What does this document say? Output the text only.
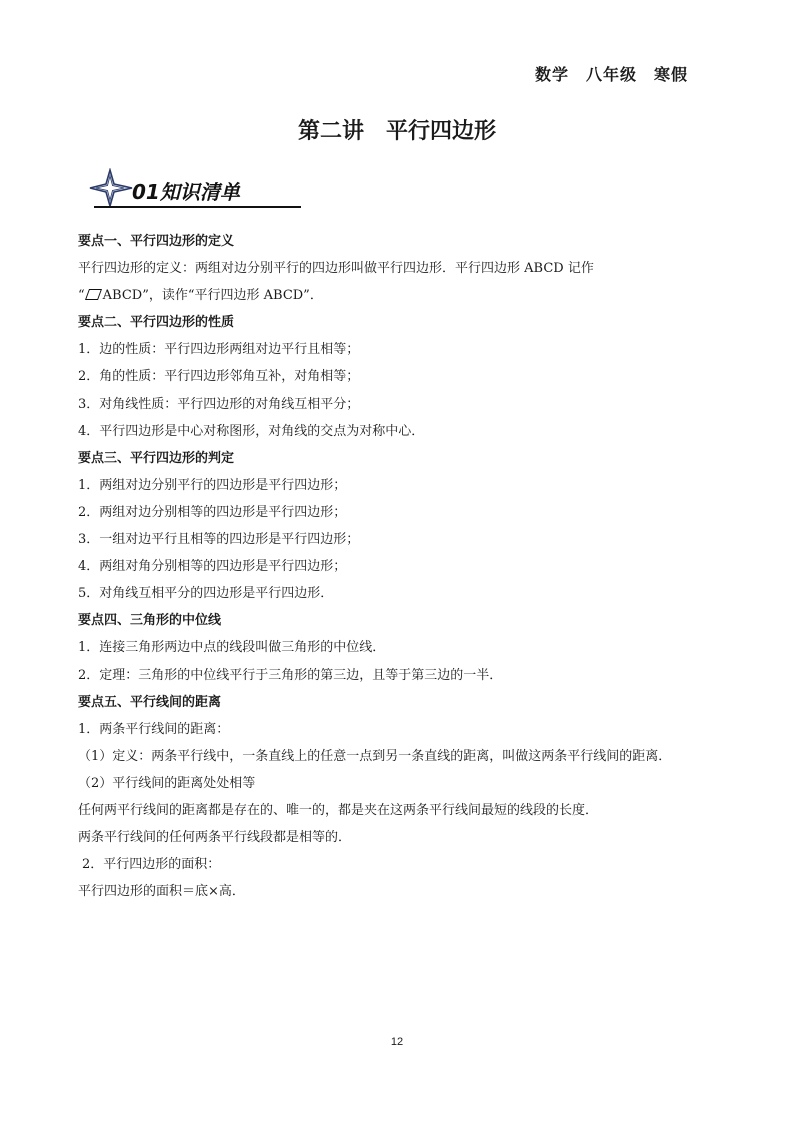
数学　八年级　寒假
第二讲　平行四边形
01知识清单
要点一、平行四边形的定义
平行四边形的定义：两组对边分别平行的四边形叫做平行四边形．平行四边形 ABCD 记作
“ ABCD”，读作“平行四边形 ABCD”．
要点二、平行四边形的性质
1．边的性质：平行四边形两组对边平行且相等；
2．角的性质：平行四边形邻角互补，对角相等；
3．对角线性质：平行四边形的对角线互相平分；
4．平行四边形是中心对称图形，对角线的交点为对称中心．
要点三、平行四边形的判定
1．两组对边分别平行的四边形是平行四边形；
2．两组对边分别相等的四边形是平行四边形；
3．一组对边平行且相等的四边形是平行四边形；
4．两组对角分别相等的四边形是平行四边形；
5．对角线互相平分的四边形是平行四边形．
要点四、三角形的中位线
1．连接三角形两边中点的线段叫做三角形的中位线．
2．定理：三角形的中位线平行于三角形的第三边，且等于第三边的一半．
要点五、平行线间的距离
1．两条平行线间的距离：
（1）定义：两条平行线中，一条直线上的任意一点到另一条直线的距离，叫做这两条平行线间的距离．
（2）平行线间的距离处处相等
任何两平行线间的距离都是存在的、唯一的，都是夹在这两条平行线间最短的线段的长度．
两条平行线间的任何两条平行线段都是相等的．
2．平行四边形的面积：
平行四边形的面积＝底×高．
12
